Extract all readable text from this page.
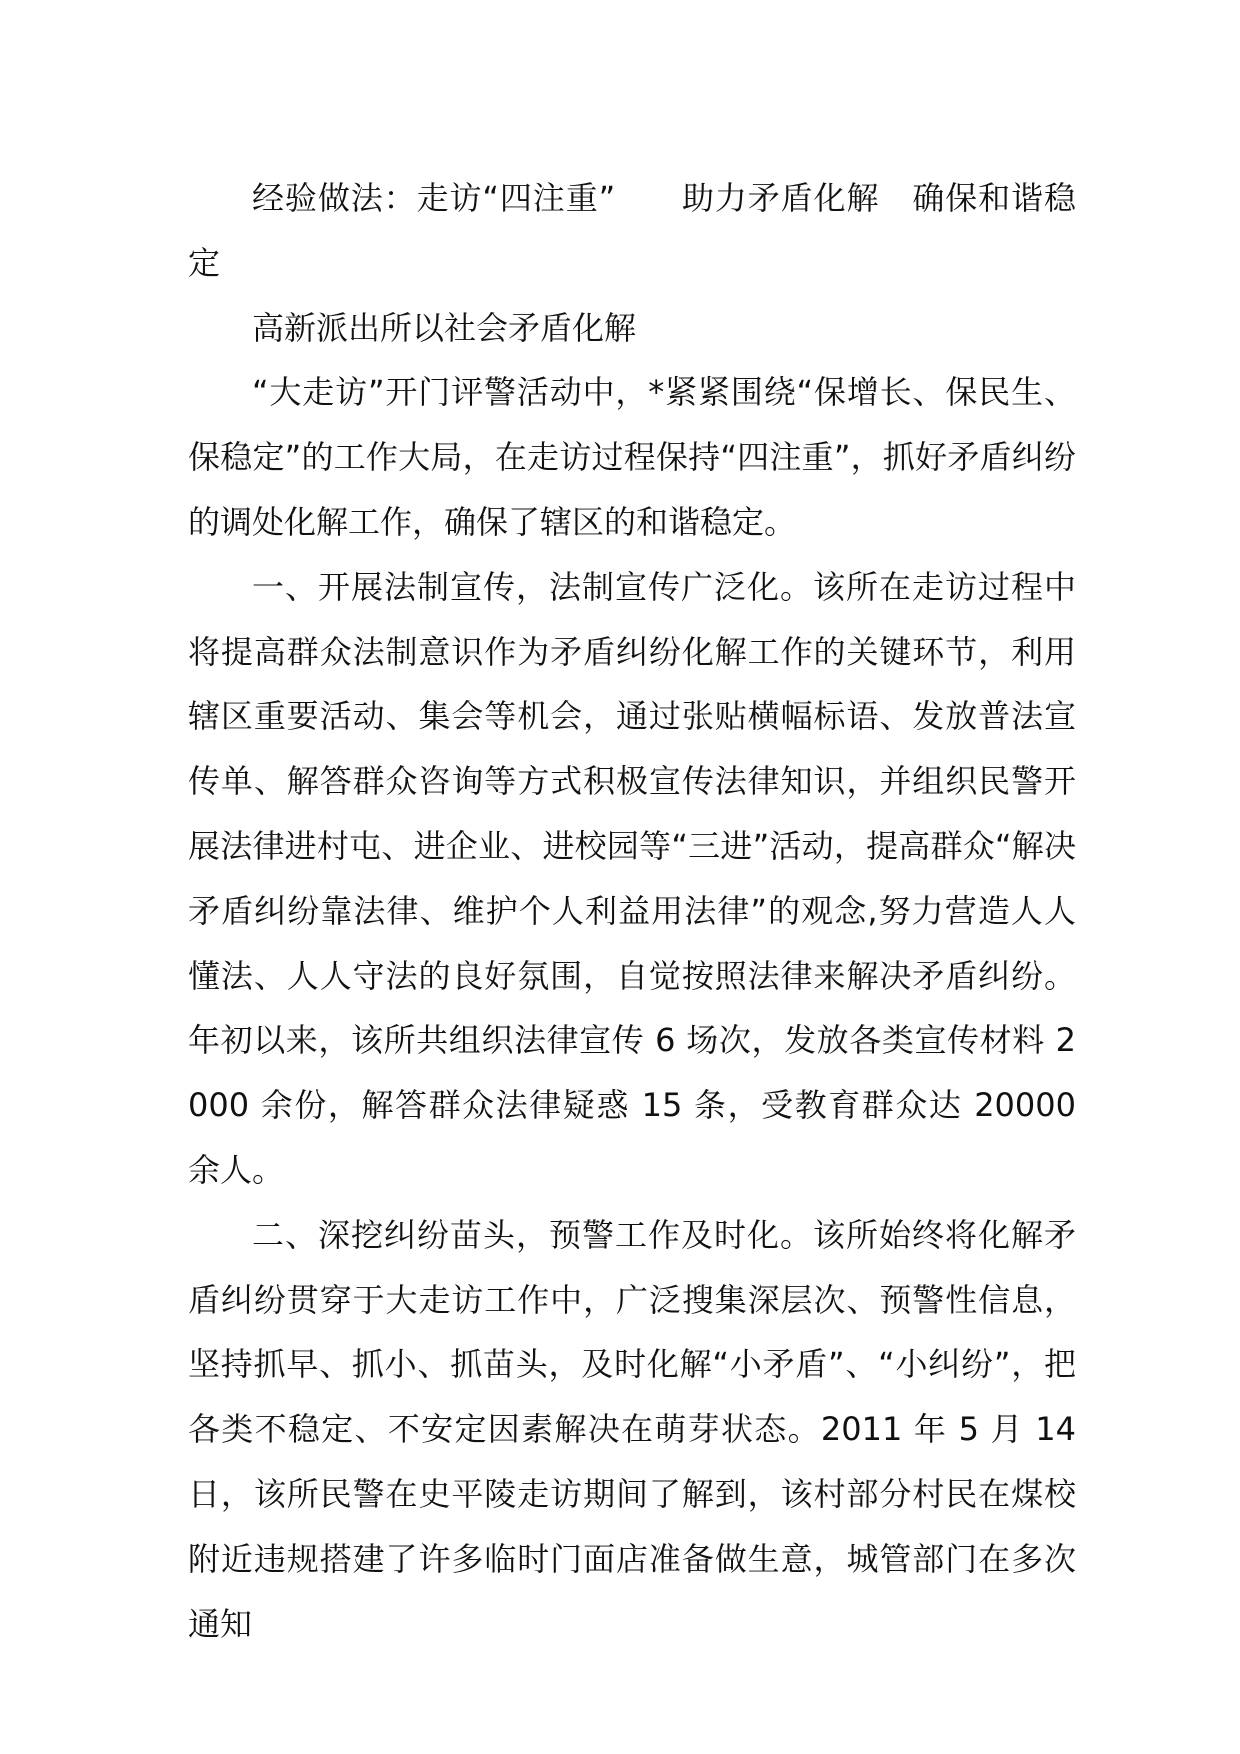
经验做法：走访“四注重”　　助力矛盾化解　确保和谐稳定

高新派出所以社会矛盾化解

“大走访”开门评警活动中，*紧紧围绕“保增长、保民生、保稳定”的工作大局，在走访过程保持“四注重”，抓好矛盾纠纷的调处化解工作，确保了辖区的和谐稳定。

一、开展法制宣传，法制宣传广泛化。该所在走访过程中将提高群众法制意识作为矛盾纠纷化解工作的关键环节，利用辖区重要活动、集会等机会，通过张贴横幅标语、发放普法宣传单、解答群众咨询等方式积极宣传法律知识，并组织民警开展法律进村屯、进企业、进校园等“三进”活动，提高群众“解决矛盾纠纷靠法律、维护个人利益用法律”的观念,努力营造人人懂法、人人守法的良好氛围，自觉按照法律来解决矛盾纠纷。年初以来，该所共组织法律宣传 6 场次，发放各类宣传材料 2000 余份，解答群众法律疑惑 15 条，受教育群众达 20000 余人。

二、深挖纠纷苗头，预警工作及时化。该所始终将化解矛盾纠纷贯穿于大走访工作中，广泛搜集深层次、预警性信息，坚持抓早、抓小、抓苗头，及时化解“小矛盾”、“小纠纷”，把各类不稳定、不安定因素解决在萌芽状态。2011 年 5 月 14 日，该所民警在史平陵走访期间了解到，该村部分村民在煤校附近违规搭建了许多临时门面店准备做生意，城管部门在多次通知
